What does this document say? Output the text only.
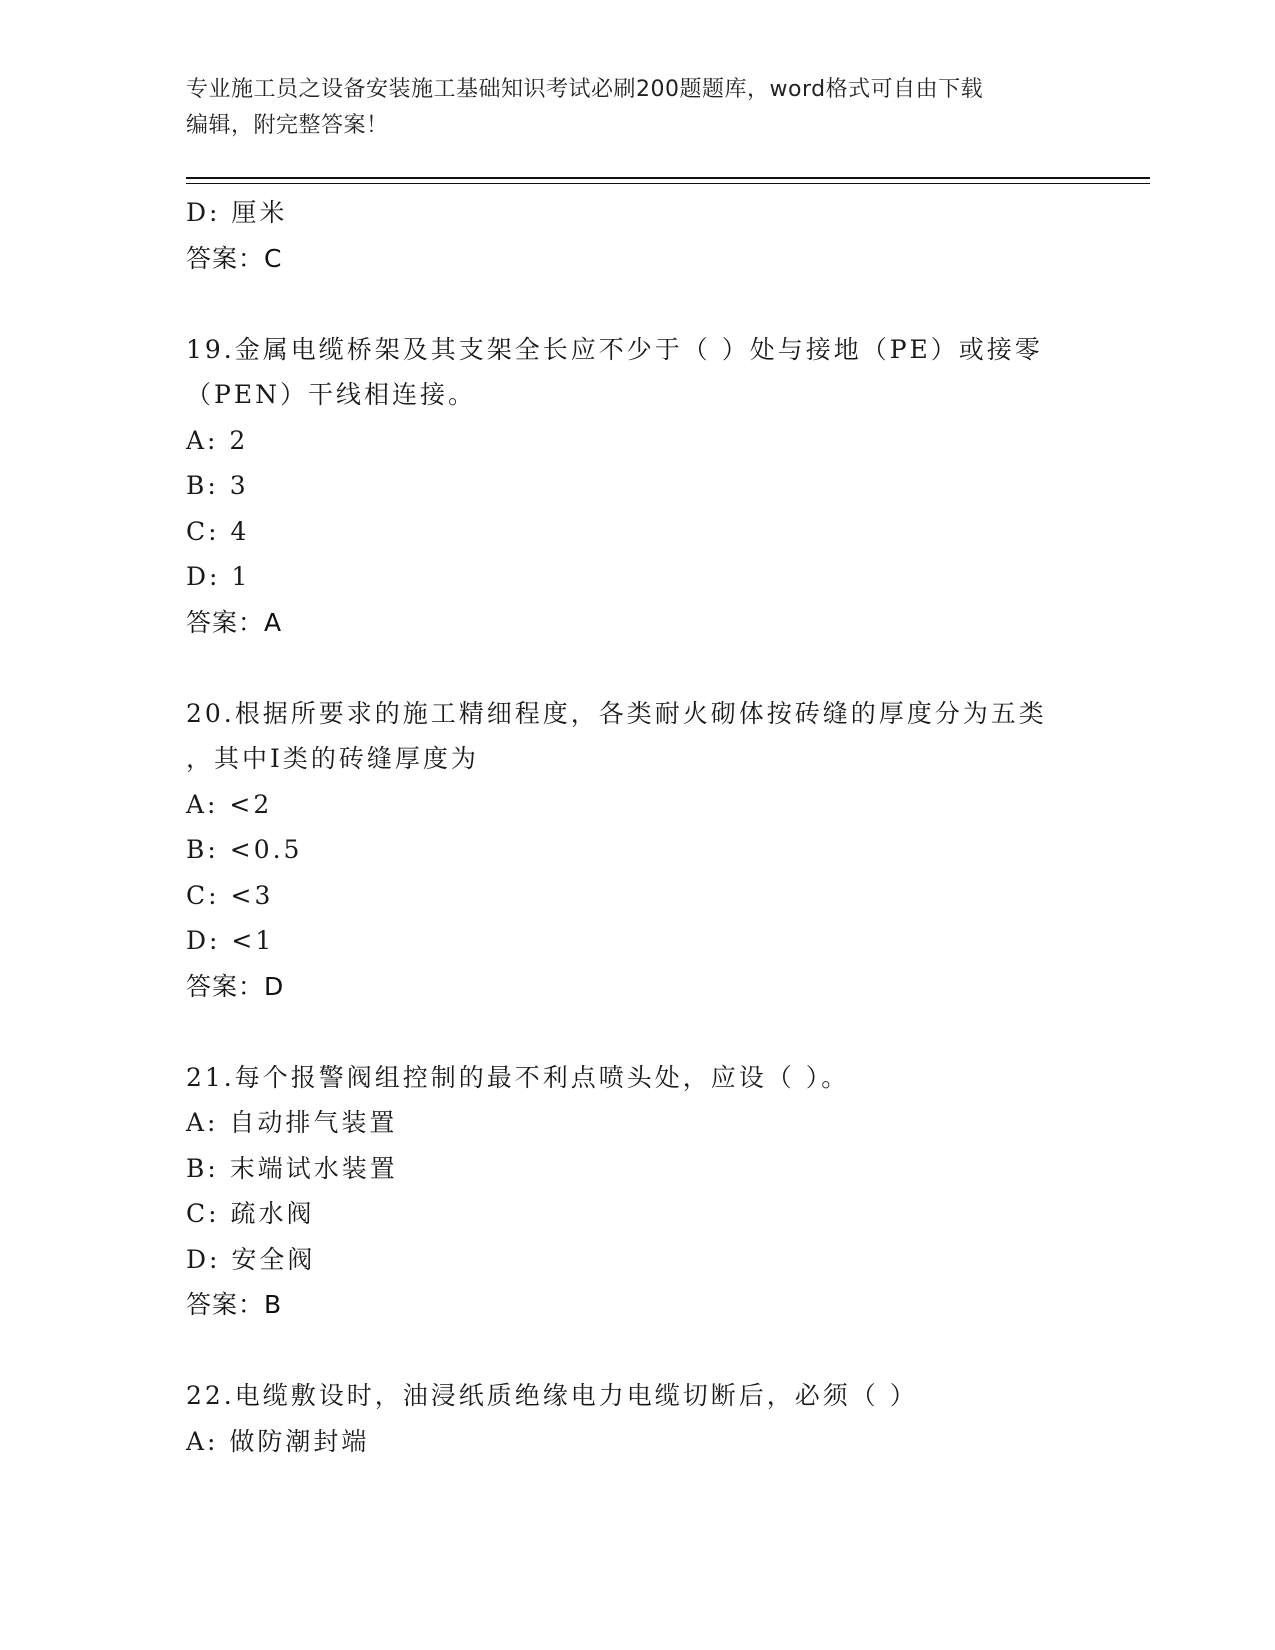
专业施工员之设备安装施工基础知识考试必刷200题题库，word格式可自由下载
编辑，附完整答案！
D: 厘米
答案：C
19.金属电缆桥架及其支架全长应不少于（ ）处与接地（PE）或接零
（PEN）干线相连接。
A: 2
B: 3
C: 4
D: 1
答案：A
20.根据所要求的施工精细程度，各类耐火砌体按砖缝的厚度分为五类
，其中Ⅰ类的砖缝厚度为
A: <2
B: <0.5
C: <3
D: <1
答案：D
21.每个报警阀组控制的最不利点喷头处，应设（ ）。
A: 自动排气装置
B: 末端试水装置
C: 疏水阀
D: 安全阀
答案：B
22.电缆敷设时，油浸纸质绝缘电力电缆切断后，必须（ ）
A: 做防潮封端
